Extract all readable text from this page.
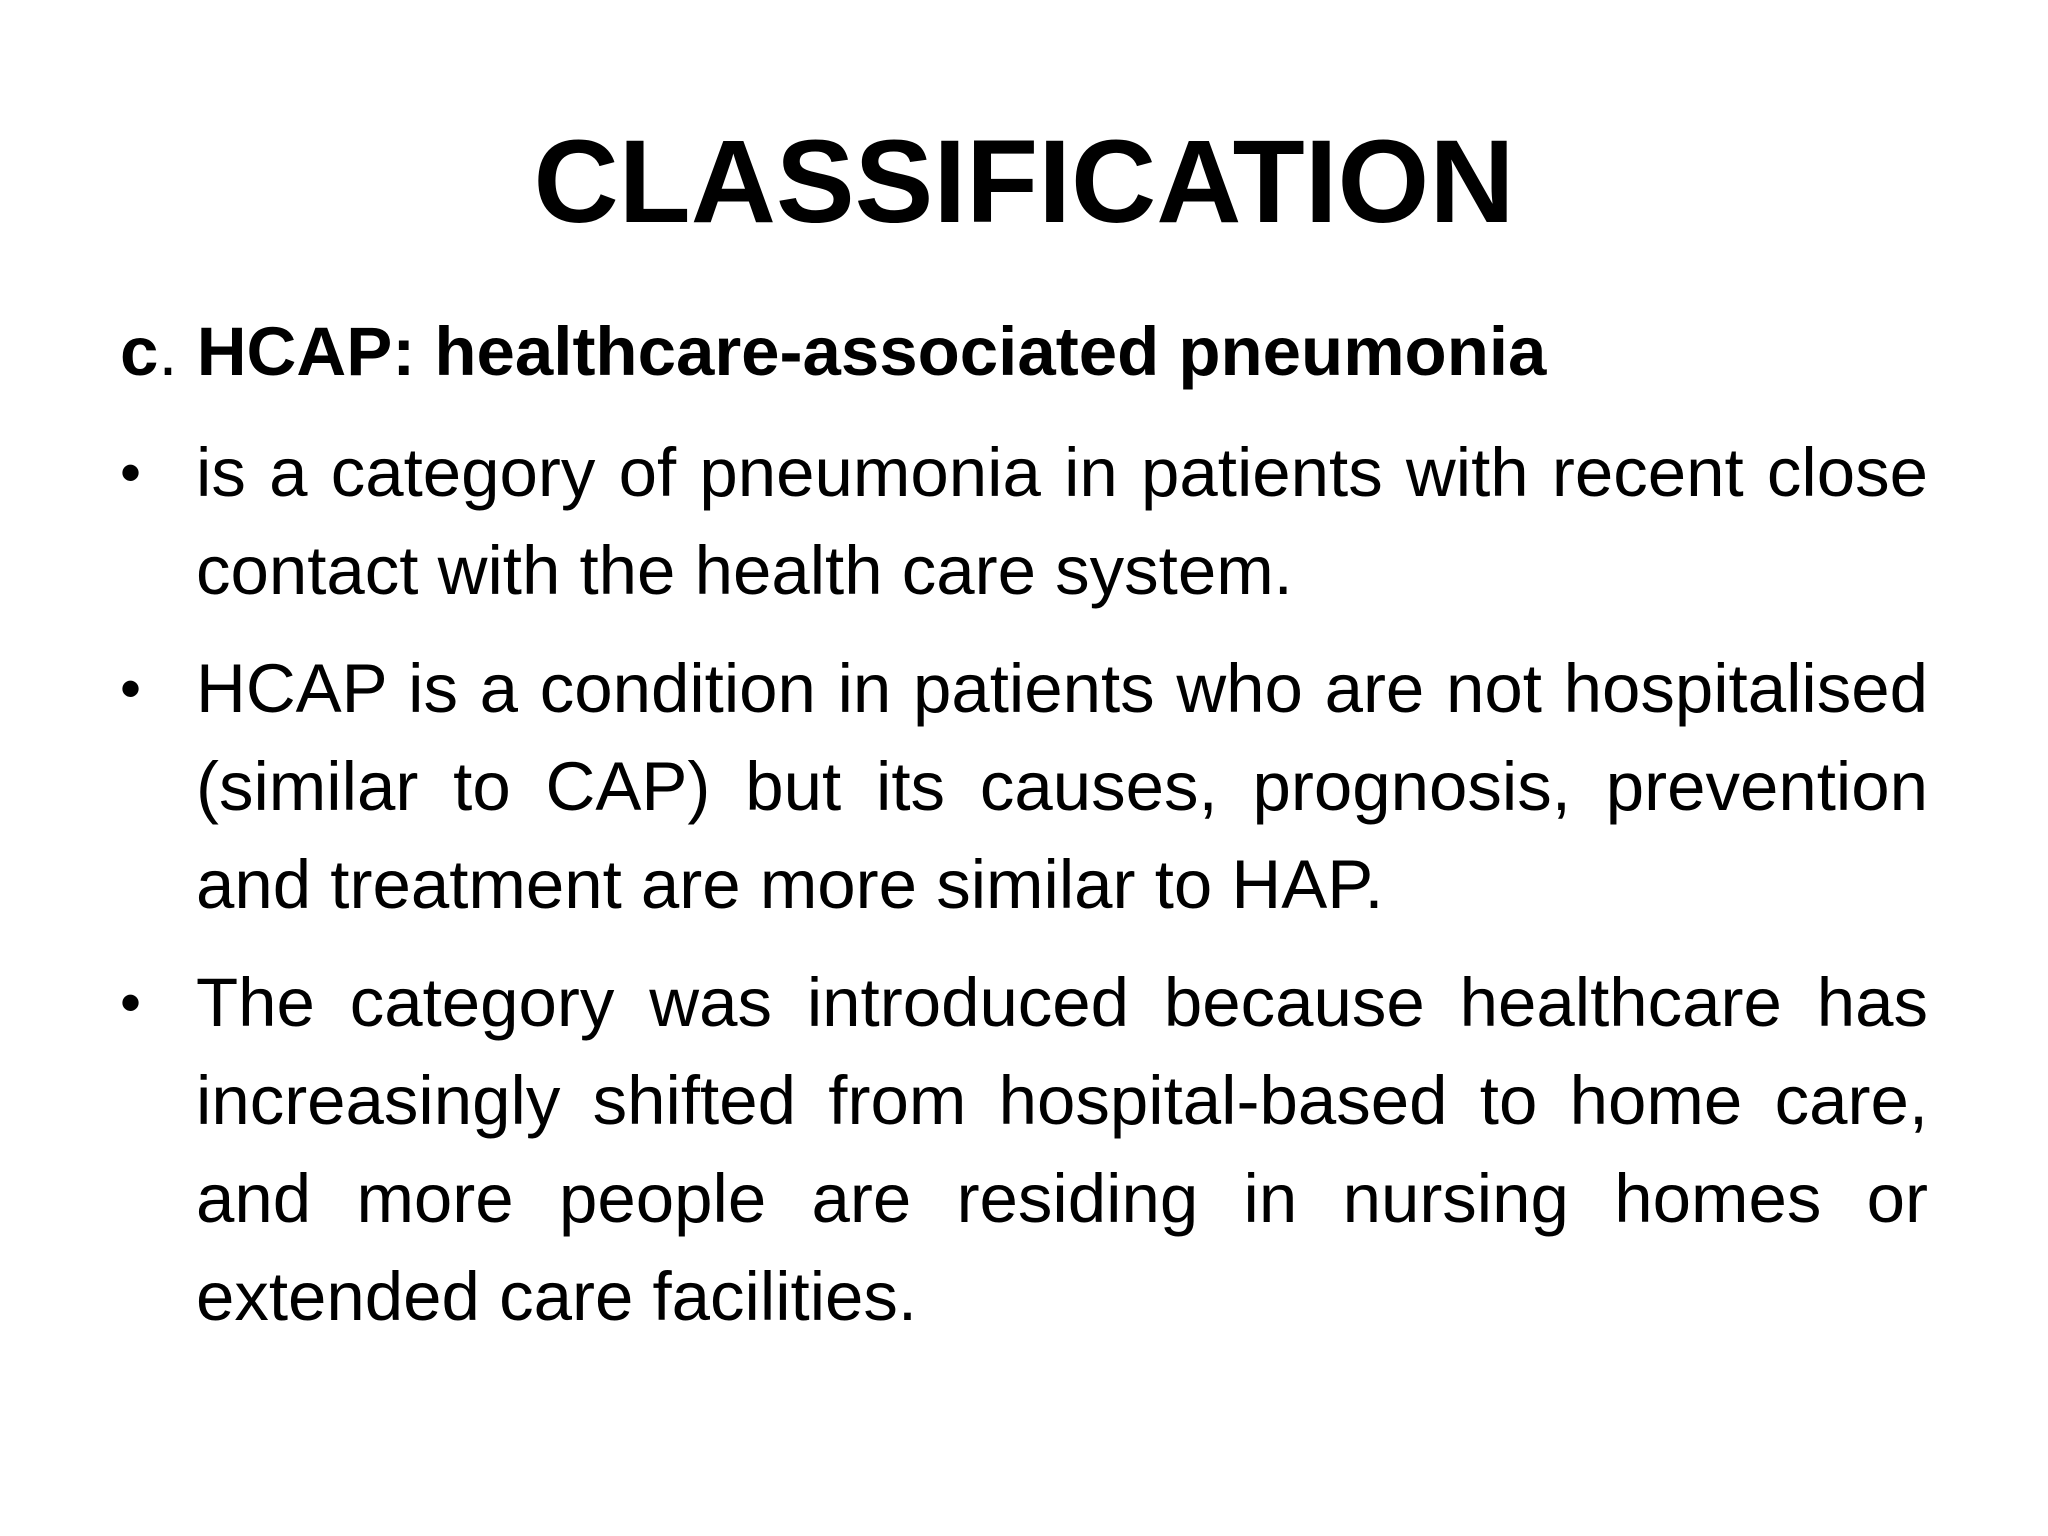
CLASSIFICATION
c. HCAP: healthcare-associated pneumonia
• is a category of pneumonia in patients with recent close contact with the health care system.
• HCAP is a condition in patients who are not hospitalised (similar to CAP) but its causes, prognosis, prevention and treatment are more similar to HAP.
• The category was introduced because healthcare has increasingly shifted from hospital-based to home care, and more people are residing in nursing homes or extended care facilities.
